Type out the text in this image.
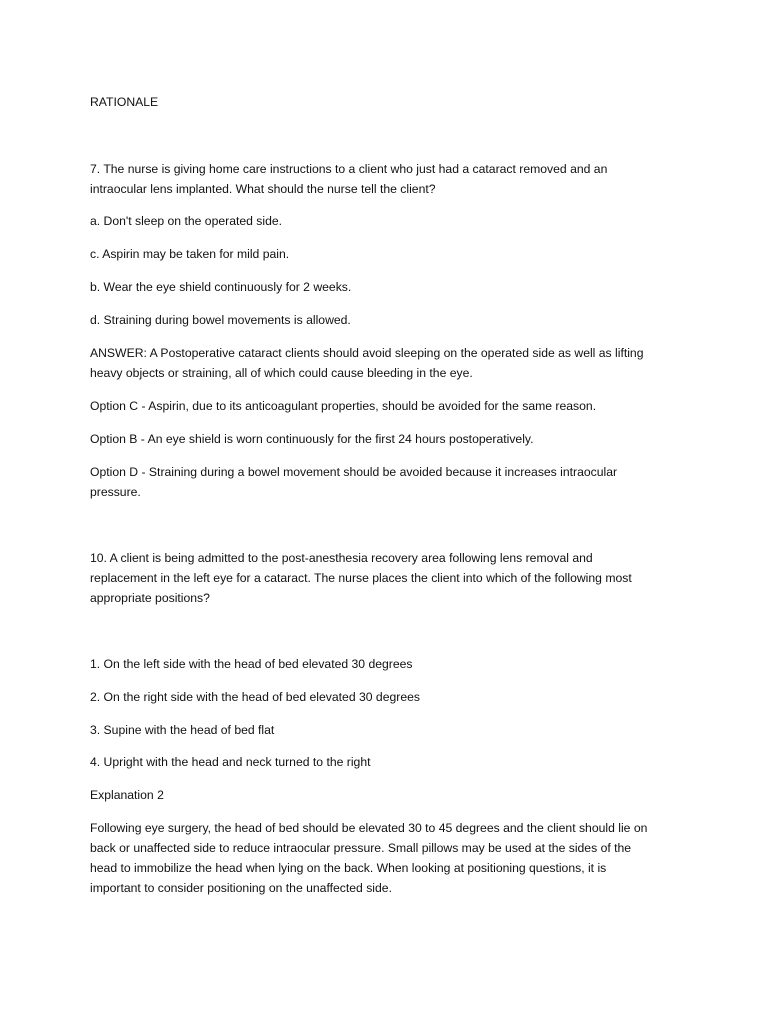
RATIONALE

7. The nurse is giving home care instructions to a client who just had a cataract removed and an

intraocular lens implanted. What should the nurse tell the client?

a. Don't sleep on the operated side.

c. Aspirin may be taken for mild pain.

b. Wear the eye shield continuously for 2 weeks.

d. Straining during bowel movements is allowed.

ANSWER: A Postoperative cataract clients should avoid sleeping on the operated side as well as lifting

heavy objects or straining, all of which could cause bleeding in the eye.

Option C - Aspirin, due to its anticoagulant properties, should be avoided for the same reason.

Option B - An eye shield is worn continuously for the first 24 hours postoperatively.

Option D - Straining during a bowel movement should be avoided because it increases intraocular

pressure.

10. A client is being admitted to the post-anesthesia recovery area following lens removal and

replacement in the left eye for a cataract. The nurse places the client into which of the following most

appropriate positions?

1. On the left side with the head of bed elevated 30 degrees

2. On the right side with the head of bed elevated 30 degrees

3. Supine with the head of bed flat

4. Upright with the head and neck turned to the right

Explanation 2

Following eye surgery, the head of bed should be elevated 30 to 45 degrees and the client should lie on

back or unaffected side to reduce intraocular pressure. Small pillows may be used at the sides of the

head to immobilize the head when lying on the back. When looking at positioning questions, it is

important to consider positioning on the unaffected side.
